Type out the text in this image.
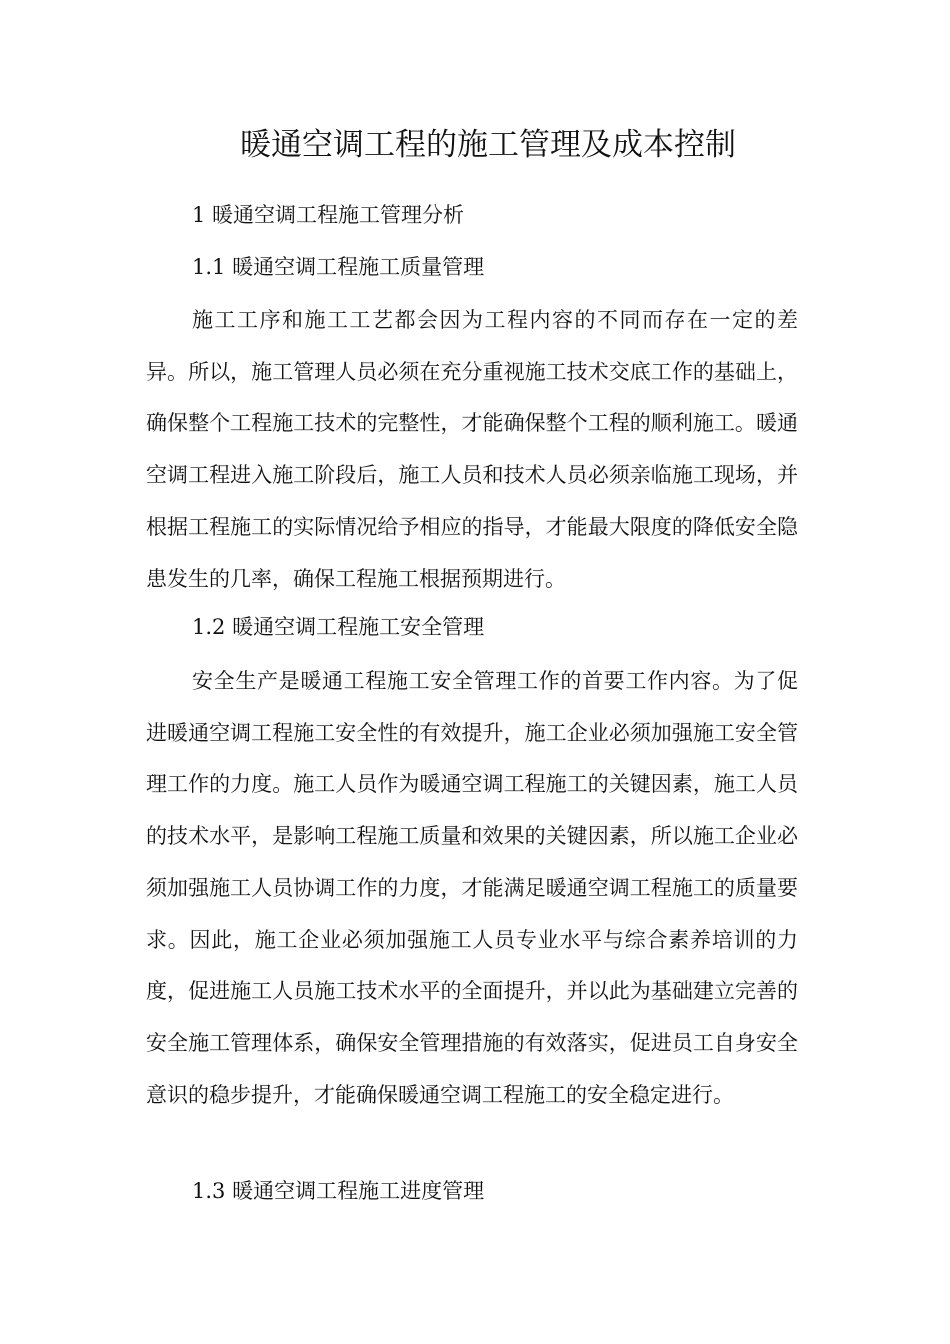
暖通空调工程的施工管理及成本控制
1 暖通空调工程施工管理分析
1.1 暖通空调工程施工质量管理

施工工序和施工工艺都会因为工程内容的不同而存在一定的差异。所以，施工管理人员必须在充分重视施工技术交底工作的基础上，确保整个工程施工技术的完整性，才能确保整个工程的顺利施工。暖通空调工程进入施工阶段后，施工人员和技术人员必须亲临施工现场，并根据工程施工的实际情况给予相应的指导，才能最大限度的降低安全隐患发生的几率，确保工程施工根据预期进行。

1.2 暖通空调工程施工安全管理

安全生产是暖通工程施工安全管理工作的首要工作内容。为了促进暖通空调工程施工安全性的有效提升，施工企业必须加强施工安全管理工作的力度。施工人员作为暖通空调工程施工的关键因素，施工人员的技术水平，是影响工程施工质量和效果的关键因素，所以施工企业必须加强施工人员协调工作的力度，才能满足暖通空调工程施工的质量要求。因此，施工企业必须加强施工人员专业水平与综合素养培训的力度，促进施工人员施工技术水平的全面提升，并以此为基础建立完善的安全施工管理体系，确保安全管理措施的有效落实，促进员工自身安全意识的稳步提升，才能确保暖通空调工程施工的安全稳定进行。

1.3 暖通空调工程施工进度管理
